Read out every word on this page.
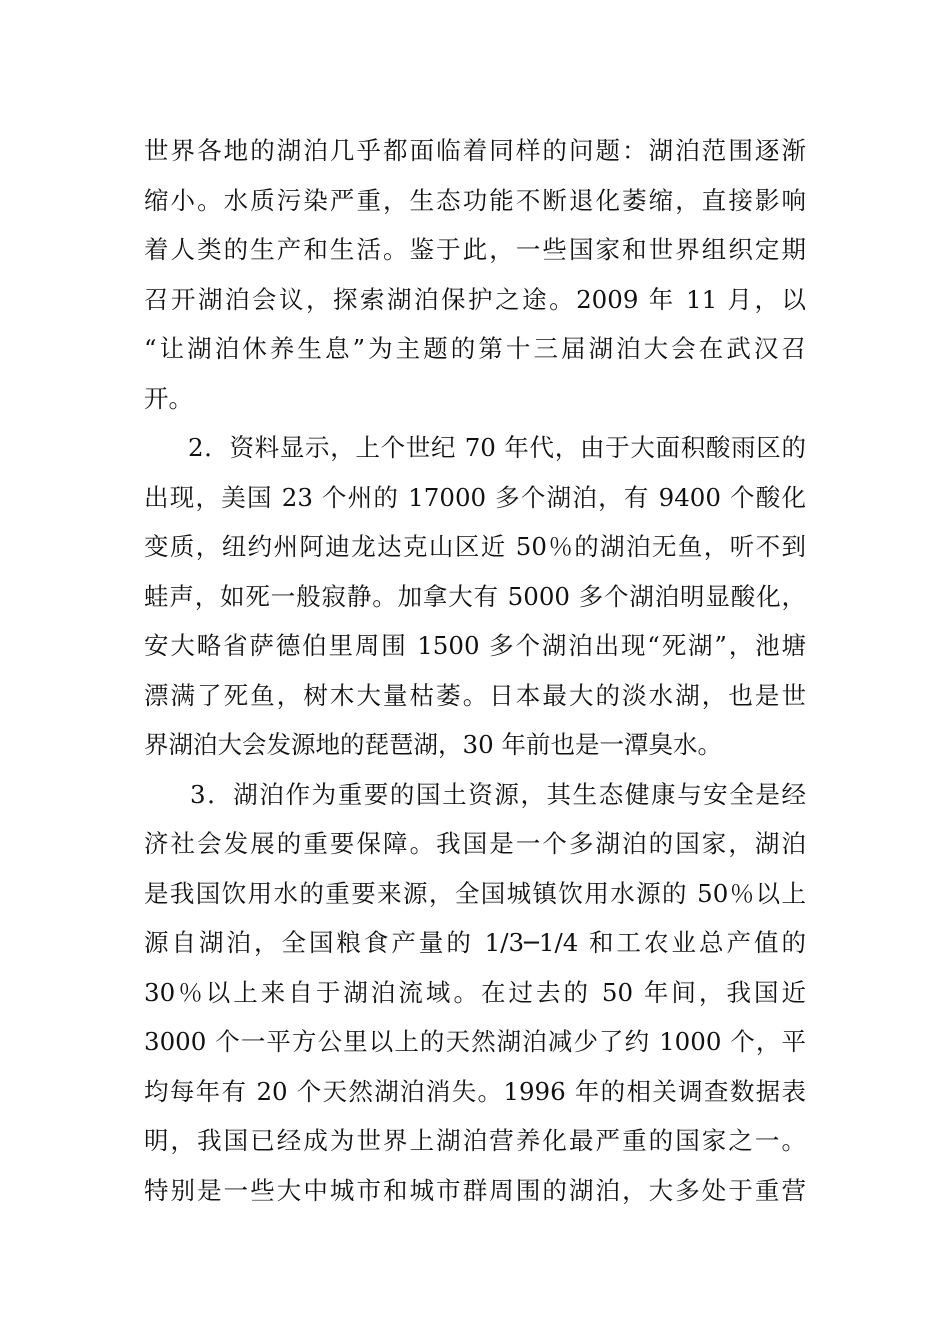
世界各地的湖泊几乎都面临着同样的问题：湖泊范围逐渐
缩小。水质污染严重，生态功能不断退化萎缩，直接影响
着人类的生产和生活。鉴于此，一些国家和世界组织定期
召开湖泊会议，探索湖泊保护之途。2009 年 11 月，以
“让湖泊休养生息”为主题的第十三届湖泊大会在武汉召
开。
2．资料显示，上个世纪 70 年代，由于大面积酸雨区的
出现，美国 23 个州的 17000 多个湖泊，有 9400 个酸化
变质，纽约州阿迪龙达克山区近 50％的湖泊无鱼，听不到
蛙声，如死一般寂静。加拿大有 5000 多个湖泊明显酸化，
安大略省萨德伯里周围 1500 多个湖泊出现“死湖”，池塘
漂满了死鱼，树木大量枯萎。日本最大的淡水湖，也是世
界湖泊大会发源地的琵琶湖，30 年前也是一潭臭水。
3．湖泊作为重要的国土资源，其生态健康与安全是经
济社会发展的重要保障。我国是一个多湖泊的国家，湖泊
是我国饮用水的重要来源，全国城镇饮用水源的 50％以上
源自湖泊，全国粮食产量的 1/3─1/4 和工农业总产值的
30％以上来自于湖泊流域。在过去的 50 年间，我国近
3000 个一平方公里以上的天然湖泊减少了约 1000 个，平
均每年有 20 个天然湖泊消失。1996 年的相关调查数据表
明，我国已经成为世界上湖泊营养化最严重的国家之一。
特别是一些大中城市和城市群周围的湖泊，大多处于重营
